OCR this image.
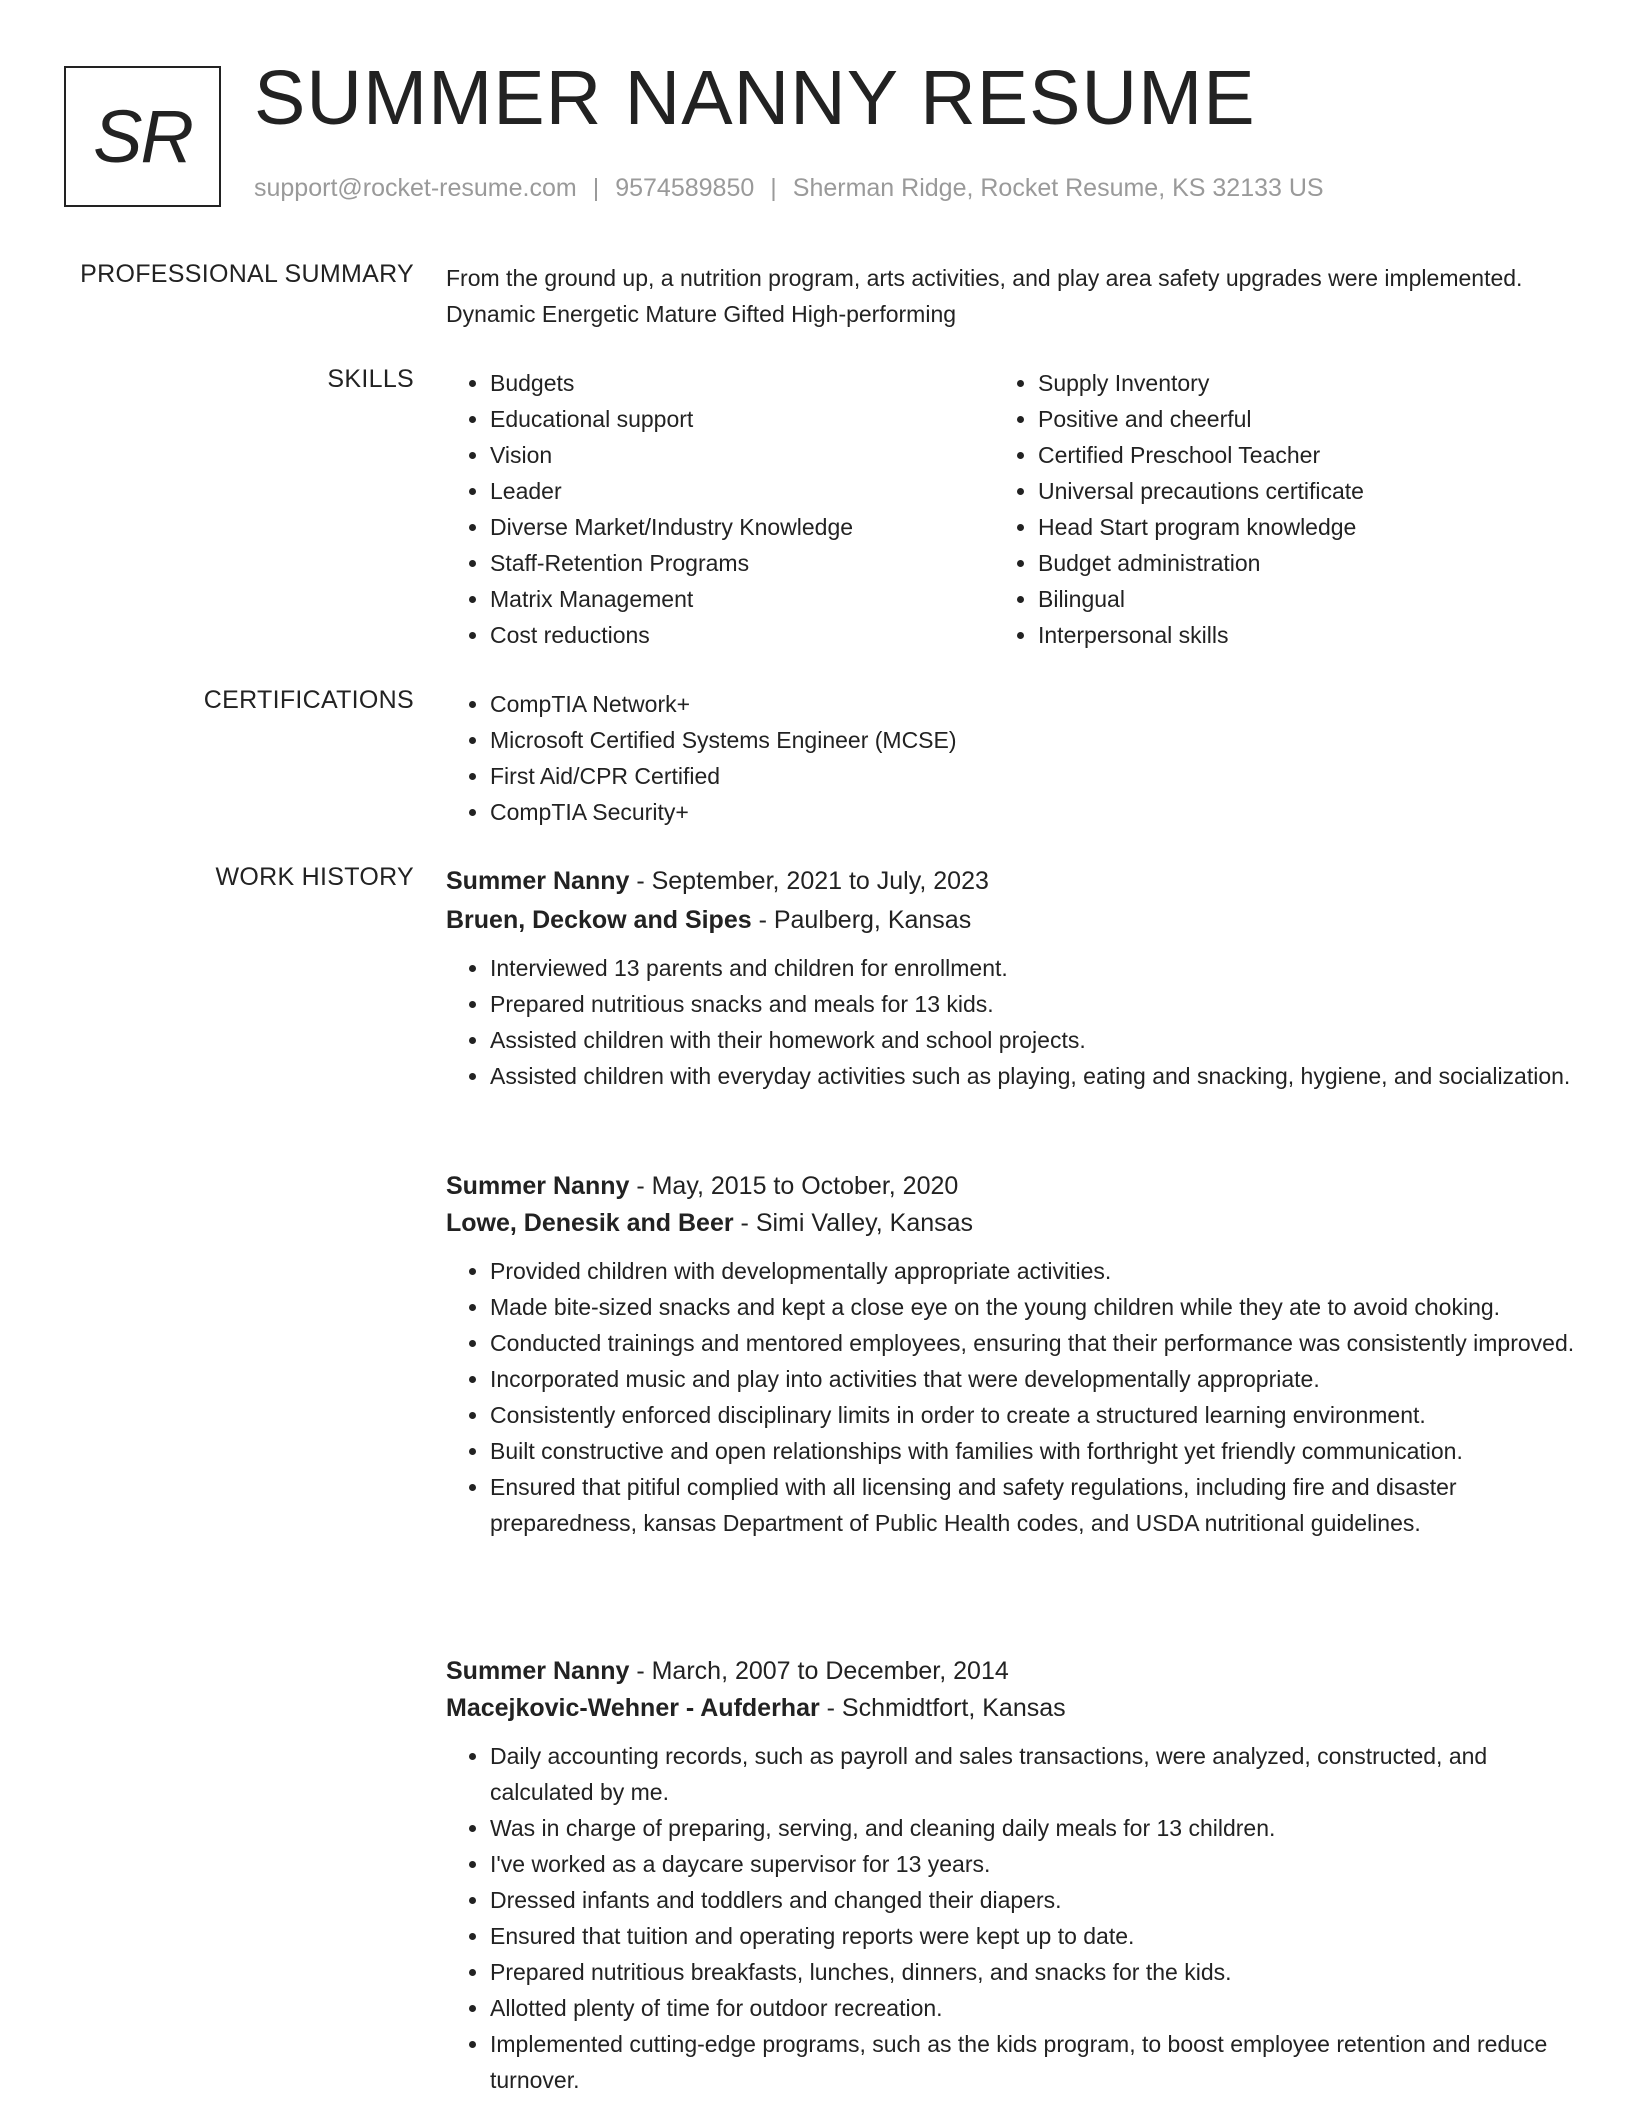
SR SUMMER NANNY RESUME
support@rocket-resume.com | 9574589850 | Sherman Ridge, Rocket Resume, KS 32133 US
PROFESSIONAL SUMMARY From the ground up, a nutrition program, arts activities, and play area safety upgrades were implemented. Dynamic Energetic Mature Gifted High-performing
SKILLS	• Budgets
• Educational support
• Vision
• Leader
• Diverse Market/Industry Knowledge
• Staff-Retention Programs
• Matrix Management
• Cost reductions
• Supply Inventory
• Positive and cheerful
• Certified Preschool Teacher
• Universal precautions certificate
• Head Start program knowledge
• Budget administration
• Bilingual
• Interpersonal skills
CERTIFICATIONS	• CompTIA Network+
• Microsoft Certified Systems Engineer (MCSE)
• First Aid/CPR Certified
• CompTIA Security+
WORK HISTORY Summer Nanny - September, 2021 to July, 2023
Bruen, Deckow and Sipes - Paulberg, Kansas
• Interviewed 13 parents and children for enrollment.
• Prepared nutritious snacks and meals for 13 kids.
• Assisted children with their homework and school projects.
• Assisted children with everyday activities such as playing, eating and snacking, hygiene, and socialization.
Summer Nanny - May, 2015 to October, 2020
Lowe, Denesik and Beer - Simi Valley, Kansas
• Provided children with developmentally appropriate activities.
• Made bite-sized snacks and kept a close eye on the young children while they ate to avoid choking.
• Conducted trainings and mentored employees, ensuring that their performance was consistently improved.
• Incorporated music and play into activities that were developmentally appropriate.
• Consistently enforced disciplinary limits in order to create a structured learning environment.
• Built constructive and open relationships with families with forthright yet friendly communication.
• Ensured that pitiful complied with all licensing and safety regulations, including fire and disaster preparedness, kansas Department of Public Health codes, and USDA nutritional guidelines.
Summer Nanny - March, 2007 to December, 2014
Macejkovic-Wehner - Aufderhar - Schmidtfort, Kansas
• Daily accounting records, such as payroll and sales transactions, were analyzed, constructed, and calculated by me.
• Was in charge of preparing, serving, and cleaning daily meals for 13 children.
• I've worked as a daycare supervisor for 13 years.
• Dressed infants and toddlers and changed their diapers.
• Ensured that tuition and operating reports were kept up to date.
• Prepared nutritious breakfasts, lunches, dinners, and snacks for the kids.
• Allotted plenty of time for outdoor recreation.
• Implemented cutting-edge programs, such as the kids program, to boost employee retention and reduce turnover.
